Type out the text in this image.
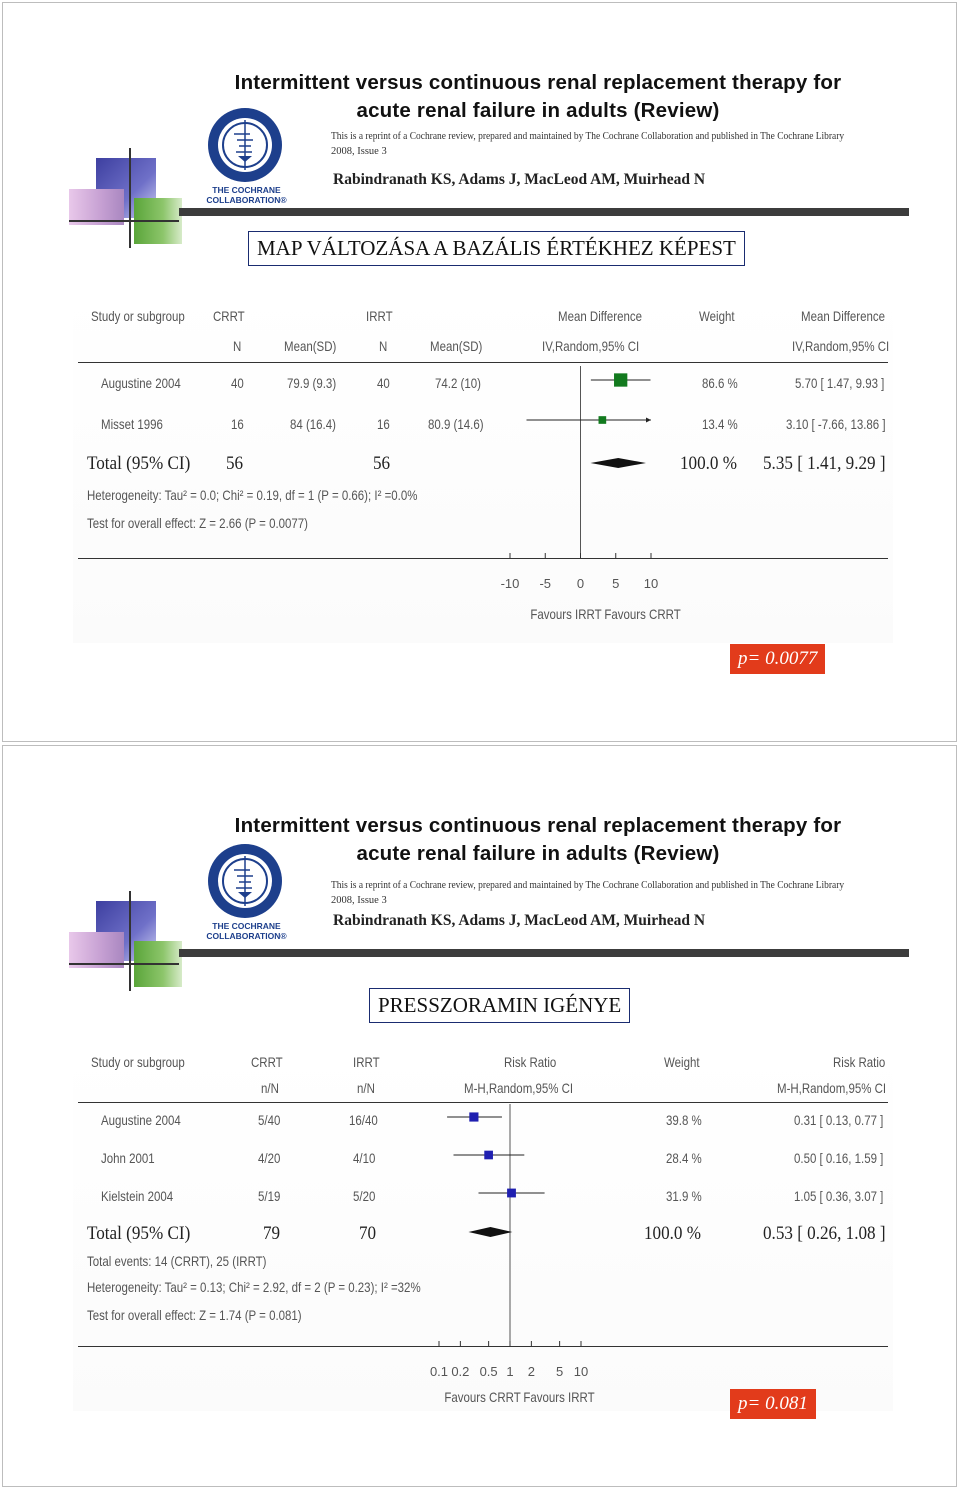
THE COCHRANE
COLLABORATION®
Intermittent versus continuous renal replacement therapy for
acute renal failure in adults (Review)
This is a reprint of a Cochrane review, prepared and maintained by The Cochrane Collaboration and published in The Cochrane Library
2008, Issue 3
Rabindranath KS, Adams J, MacLeod AM, Muirhead N
MAP VÁLTOZÁSA A BAZÁLIS ÉRTÉKHEZ KÉPEST
Study or subgroup CRRT	IRRT	Mean Difference	Weight	Mean Difference
N	Mean(SD)	N	Mean(SD)	IV,Random,95% CI	IV,Random,95% CI
Augustine 2004	40	79.9 (9.3)	40	74.2 (10)	86.6 %	5.70 [ 1.47, 9.93 ]
Misset 1996	16	84 (16.4)	16	80.9 (14.6)	13.4 %	3.10 [ -7.66, 13.86 ]
Total (95% CI) 56	56	100.0 % 5.35 [ 1.41, 9.29 ]
Heterogeneity: Tau² = 0.0; Chi² = 0.19, df = 1 (P = 0.66); I² =0.0%
Test for overall effect: Z = 2.66 (P = 0.0077)
-10 -5 0 5 10
Favours IRRT Favours CRRT
p= 0.0077
THE COCHRANE
COLLABORATION®
Intermittent versus continuous renal replacement therapy for
acute renal failure in adults (Review)
This is a reprint of a Cochrane review, prepared and maintained by The Cochrane Collaboration and published in The Cochrane Library
2008, Issue 3
Rabindranath KS, Adams J, MacLeod AM, Muirhead N
PRESSZORAMIN IGÉNYE
Study or subgroup	CRRT	IRRT	Risk Ratio	Weight	Risk Ratio
n/N	n/N	M-H,Random,95% CI	M-H,Random,95% CI
Augustine 2004	5/40	16/40	39.8 %	0.31 [ 0.13, 0.77 ]
John 2001	4/20	4/10	28.4 %	0.50 [ 0.16, 1.59 ]
Kielstein 2004	5/19	5/20	31.9 %	1.05 [ 0.36, 3.07 ]
Total (95% CI)	79	70	100.0 %	0.53 [ 0.26, 1.08 ]
Total events: 14 (CRRT), 25 (IRRT)
Heterogeneity: Tau² = 0.13; Chi² = 2.92, df = 2 (P = 0.23); I² =32%
Test for overall effect: Z = 1.74 (P = 0.081)
0.1 0.2 0.5 1 2 5 10
Favours CRRT Favours IRRT	p= 0.081
